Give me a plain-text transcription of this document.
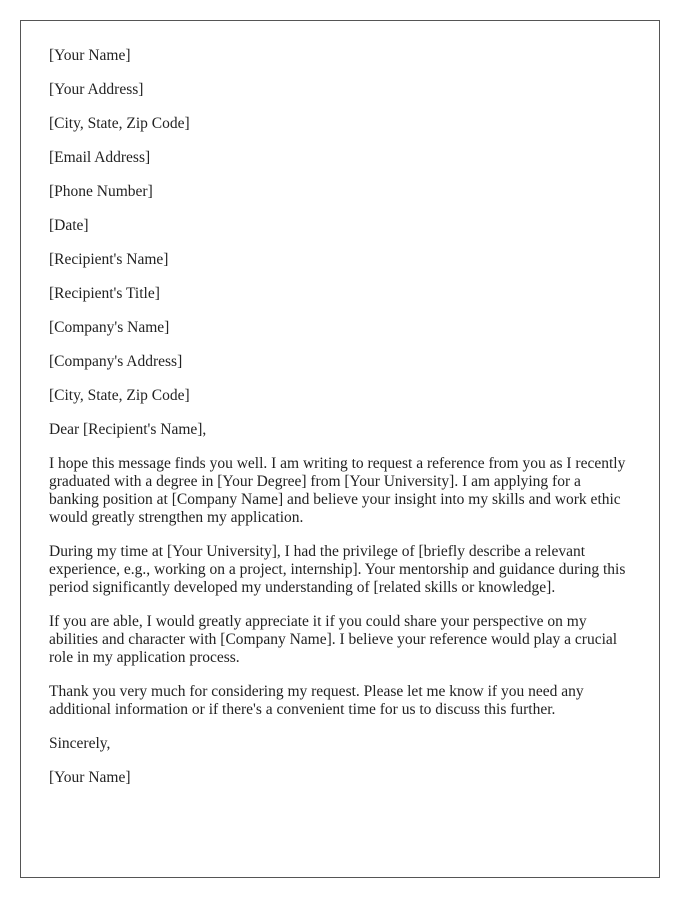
[Your Name]
[Your Address]
[City, State, Zip Code]
[Email Address]
[Phone Number]
[Date]
[Recipient's Name]
[Recipient's Title]
[Company's Name]
[Company's Address]
[City, State, Zip Code]
Dear [Recipient's Name],

I hope this message finds you well. I am writing to request a reference from you as I recently graduated with a degree in [Your Degree] from [Your University]. I am applying for a banking position at [Company Name] and believe your insight into my skills and work ethic would greatly strengthen my application.

During my time at [Your University], I had the privilege of [briefly describe a relevant experience, e.g., working on a project, internship]. Your mentorship and guidance during this period significantly developed my understanding of [related skills or knowledge].

If you are able, I would greatly appreciate it if you could share your perspective on my abilities and character with [Company Name]. I believe your reference would play a crucial role in my application process.

Thank you very much for considering my request. Please let me know if you need any additional information or if there's a convenient time for us to discuss this further.

Sincerely,
[Your Name]
